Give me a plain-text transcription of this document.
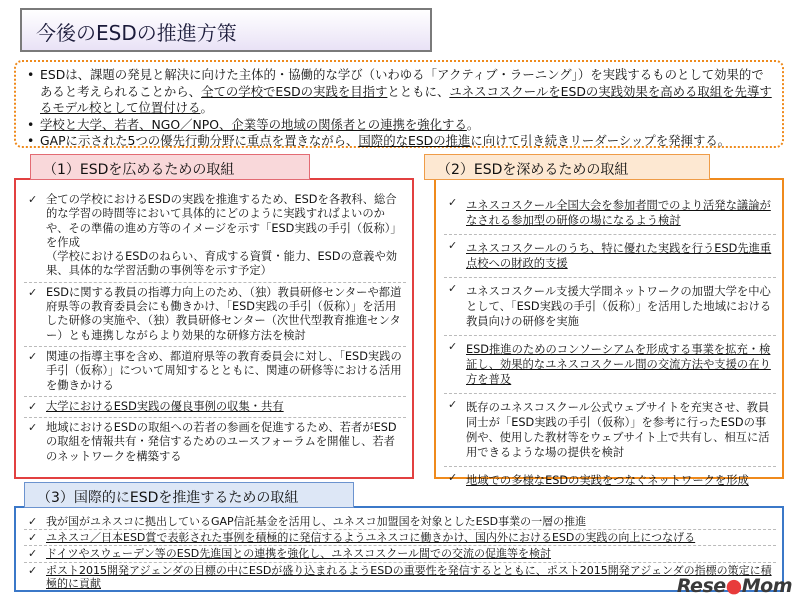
今後のESDの推進方策
• ESDは、課題の発見と解決に向けた主体的・協働的な学び（いわゆる「アクティブ・ラーニング」）を実践するものとして効果的であると考えられることから、全ての学校でESDの実践を目指すとともに、ユネスコスクールをESDの実践効果を高める取組を先導するモデル校として位置付ける。
• 学校と大学、若者、NGO／NPO、企業等の地域の関係者との連携を強化する。
• GAPに示された5つの優先行動分野に重点を置きながら、国際的なESDの推進に向けて引き続きリーダーシップを発揮する。
✓ 全ての学校におけるESDの実践を推進するため、ESDを各教科、総合的な学習の時間等において具体的にどのように実践すればよいのかや、その準備の進め方等のイメージを示す「ESD実践の手引（仮称）」を作成
（学校におけるESDのねらい、育成する資質・能力、ESDの意義や効果、具体的な学習活動の事例等を示す予定）
✓ ESDに関する教員の指導力向上のため、（独）教員研修センターや都道府県等の教育委員会にも働きかけ、「ESD実践の手引（仮称）」を活用した研修の実施や、（独）教員研修センター（次世代型教育推進センター）とも連携しながらより効果的な研修方法を検討
✓ 関連の指導主事を含め、都道府県等の教育委員会に対し、「ESD実践の手引（仮称）」について周知するとともに、関連の研修等における活用を働きかける
✓ 大学におけるESD実践の優良事例の収集・共有
✓ 地域におけるESDの取組への若者の参画を促進するため、若者がESDの取組を情報共有・発信するためのユースフォーラムを開催し、若者のネットワークを構築する
（1）ESDを広めるための取組
✓ ユネスコスクール全国大会を参加者間でのより活発な議論がなされる参加型の研修の場になるよう検討
✓ ユネスコスクールのうち、特に優れた実践を行うESD先進重点校への財政的支援
✓ ユネスコスクール支援大学間ネットワークの加盟大学を中心として、「ESD実践の手引（仮称）」を活用した地域における教員向けの研修を実施
✓ ESD推進のためのコンソーシアムを形成する事業を拡充・検証し、効果的なユネスコスクール間の交流方法や支援の在り方を普及
✓ 既存のユネスコスクール公式ウェブサイトを充実させ、教員同士が「ESD実践の手引（仮称）」を参考に行ったESDの事例や、使用した教材等をウェブサイト上で共有し、相互に活用できるような場の提供を検討
✓ 地域での多様なESDの実践をつなぐネットワークを形成
（2）ESDを深めるための取組
✓ 我が国がユネスコに拠出しているGAP信託基金を活用し、ユネスコ加盟国を対象としたESD事業の一層の推進
✓ ユネスコ／日本ESD賞で表彰された事例を積極的に発信するようユネスコに働きかけ、国内外におけるESDの実践の向上につなげる
✓ ドイツやスウェーデン等のESD先進国との連携を強化し、ユネスコスクール間での交流の促進等を検討
✓ ポスト2015開発アジェンダの目標の中にESDが盛り込まれるようESDの重要性を発信するとともに、ポスト2015開発アジェンダの指標の策定に積極的に貢献
（3）国際的にESDを推進するための取組
Rese●Mom
